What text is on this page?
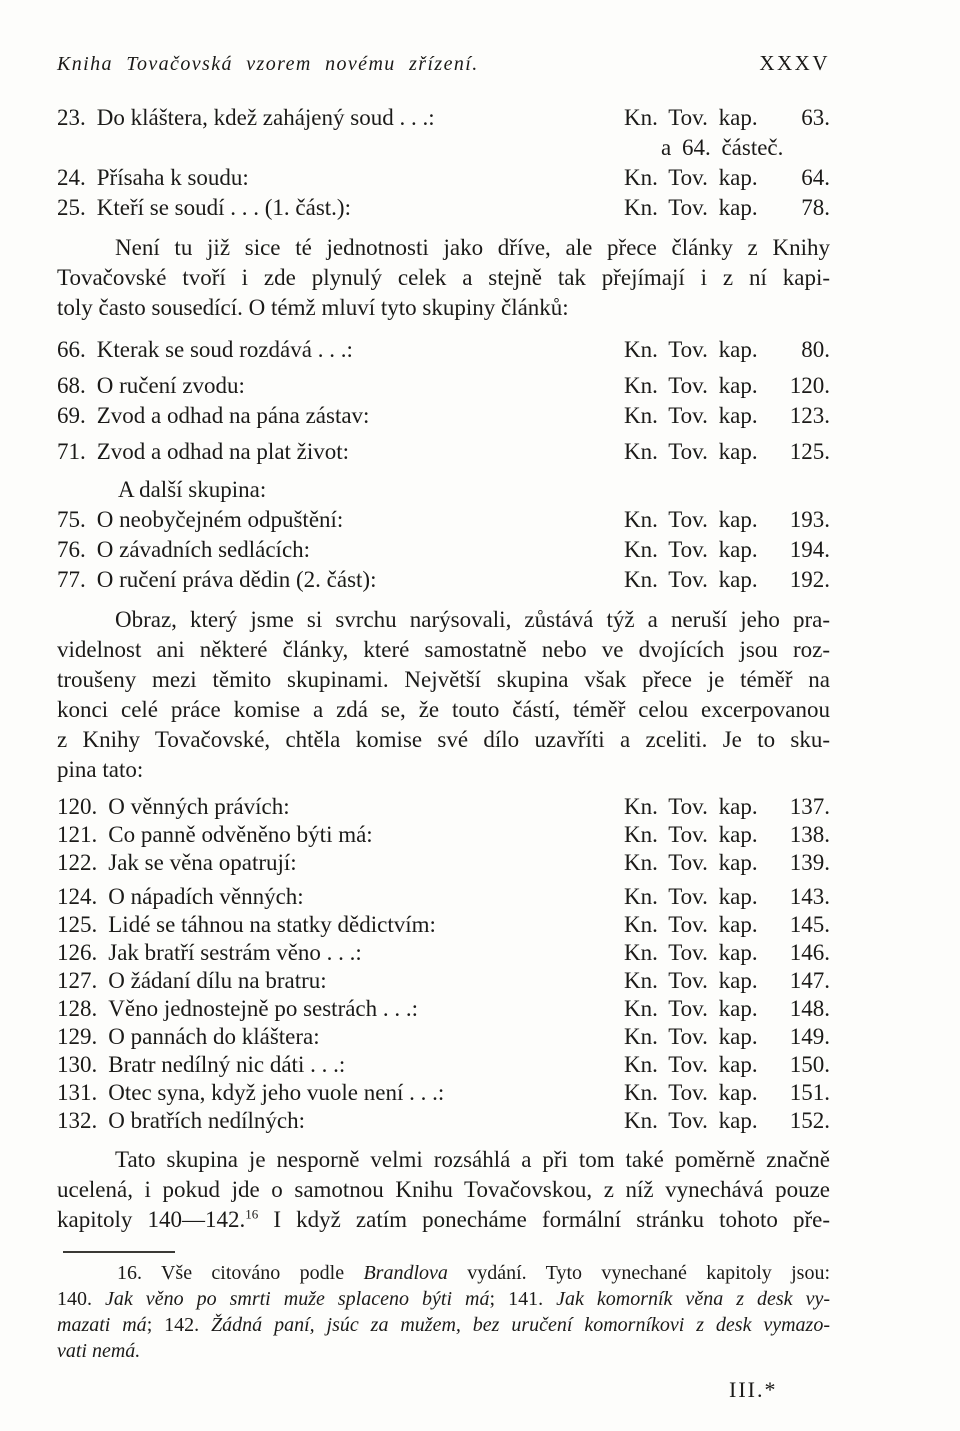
Kniha Tovačovská vzorem novému zřízení.	XXXV
23. Do kláštera, kdež zahájený soud . . .:	Kn. Tov. kap. 63.
a 64. částeč.
24. Přísaha k soudu:	Kn. Tov. kap. 64.
25. Kteří se soudí . . . (1. část.):	Kn. Tov. kap. 78.
Není tu již sice té jednotnosti jako dříve, ale přece články z Knihy
Tovačovské tvoří i zde plynulý celek a stejně tak přejímají i z ní kapi-
toly často sousedící. O témž mluví tyto skupiny článků:
66. Kterak se soud rozdává . . .:	Kn. Tov. kap. 80.
68. O ručení zvodu:	Kn. Tov. kap. 120.
69. Zvod a odhad na pána zástav:	Kn. Tov. kap. 123.
71. Zvod a odhad na plat život:	Kn. Tov. kap. 125.
A další skupina:
75. O neobyčejném odpuštění:	Kn. Tov. kap. 193.
76. O závadních sedlácích:	Kn. Tov. kap. 194.
77. O ručení práva dědin (2. část):	Kn. Tov. kap. 192.
Obraz, který jsme si svrchu narýsovali, zůstává týž a neruší jeho pra-
videlnost ani některé články, které samostatně nebo ve dvojících jsou roz-
troušeny mezi těmito skupinami. Největší skupina však přece je téměř na
konci celé práce komise a zdá se, že touto částí, téměř celou excerpovanou
z Knihy Tovačovské, chtěla komise své dílo uzavříti a zceliti. Je to sku-
pina tato:
120. O věnných právích:	Kn. Tov. kap. 137.
121. Co panně odvěněno býti má:	Kn. Tov. kap. 138.
122. Jak se věna opatrují:	Kn. Tov. kap. 139.
124. O nápadích věnných:	Kn. Tov. kap. 143.
125. Lidé se táhnou na statky dědictvím:	Kn. Tov. kap. 145.
126. Jak bratří sestrám věno . . .:	Kn. Tov. kap. 146.
127. O žádaní dílu na bratru:	Kn. Tov. kap. 147.
128. Věno jednostejně po sestrách . . .:	Kn. Tov. kap. 148.
129. O pannách do kláštera:	Kn. Tov. kap. 149.
130. Bratr nedílný nic dáti . . .:	Kn. Tov. kap. 150.
131. Otec syna, když jeho vuole není . . .:	Kn. Tov. kap. 151.
132. O bratřích nedílných:	Kn. Tov. kap. 152.
Tato skupina je nesporně velmi rozsáhlá a při tom také poměrně značně
ucelená, i pokud jde o samotnou Knihu Tovačovskou, z níž vynechává pouze
kapitoly 140—142.16 I když zatím ponecháme formální stránku tohoto pře-
16. Vše citováno podle Brandlova vydání. Tyto vynechané kapitoly jsou:
140. Jak věno po smrti muže splaceno býti má; 141. Jak komorník věna z desk vy-
mazati má; 142. Žádná paní, jsúc za mužem, bez uručení komorníkovi z desk vymazo-
vati nemá.
III.*
